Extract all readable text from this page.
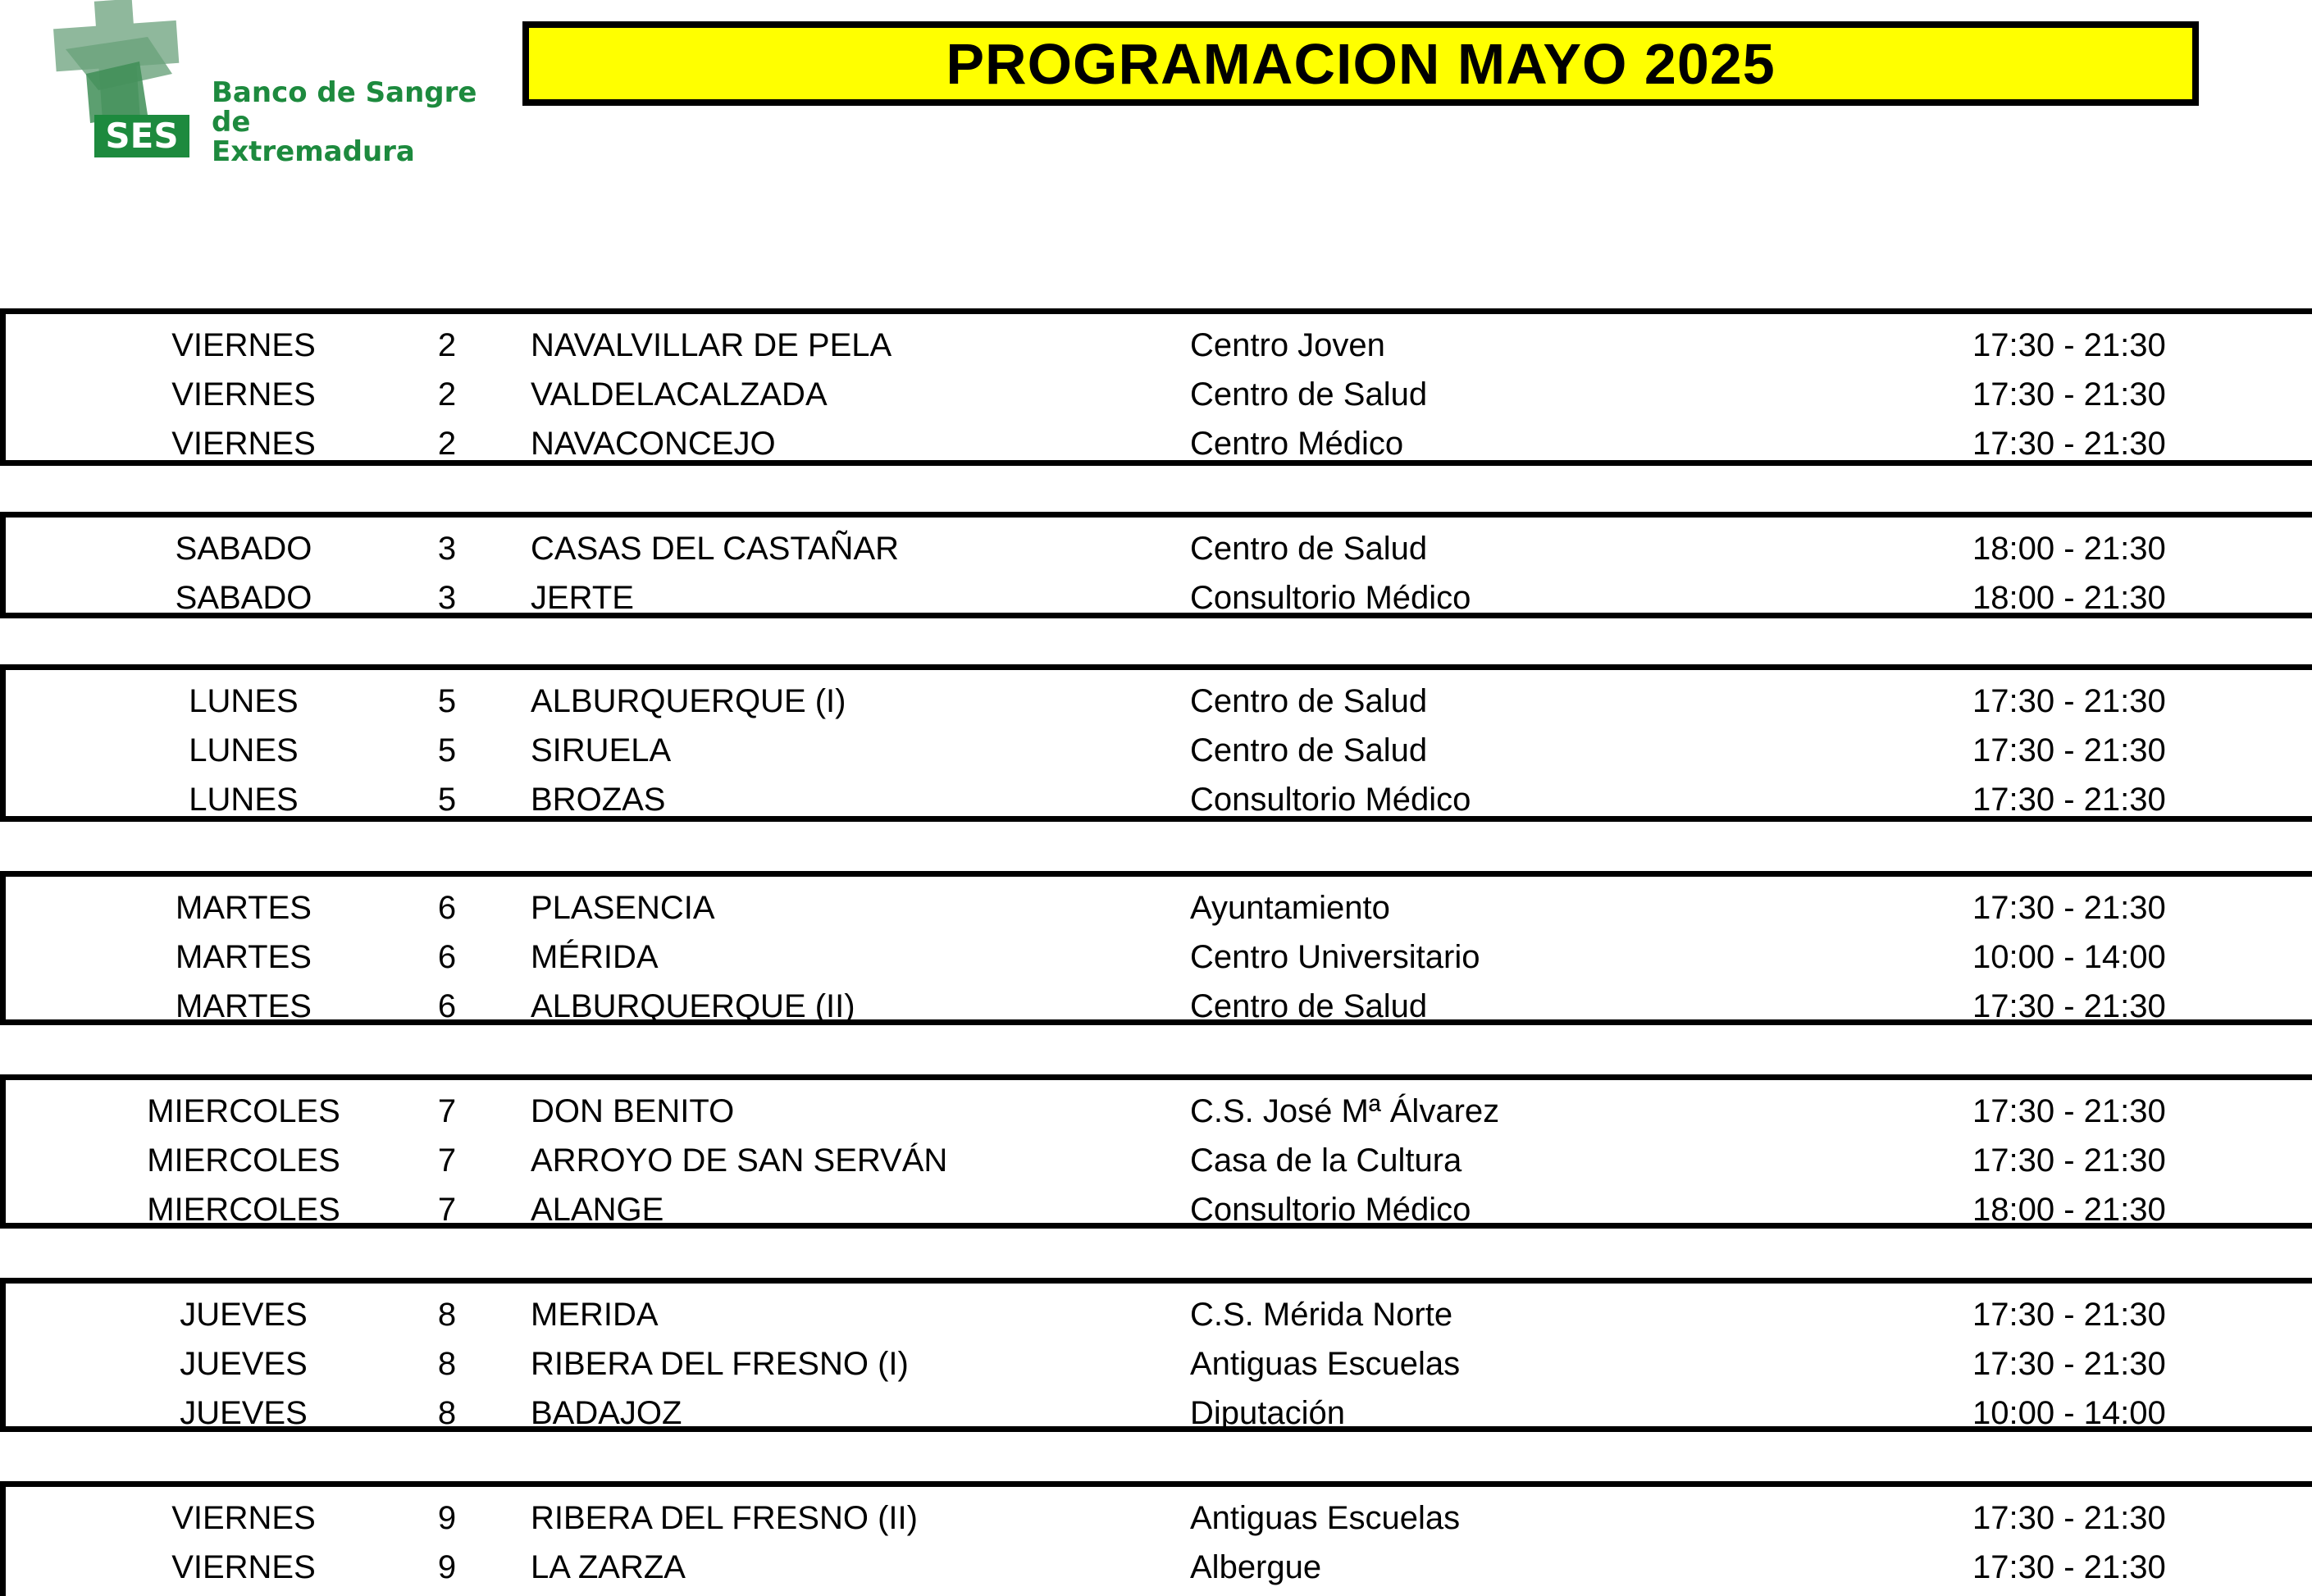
SES
Banco de Sangre
de
Extremadura
PROGRAMACION MAYO 2025
VIERNES	2	NAVALVILLAR DE PELA	Centro Joven	17:30 - 21:30
VIERNES	2	VALDELACALZADA	Centro de Salud	17:30 - 21:30
VIERNES	2	NAVACONCEJO	Centro Médico	17:30 - 21:30
SABADO	3	CASAS DEL CASTAÑAR	Centro de Salud	18:00 - 21:30
SABADO	3	JERTE	Consultorio Médico	18:00 - 21:30
LUNES	5	ALBURQUERQUE (I)	Centro de Salud	17:30 - 21:30
LUNES	5	SIRUELA	Centro de Salud	17:30 - 21:30
LUNES	5	BROZAS	Consultorio Médico	17:30 - 21:30
MARTES	6	PLASENCIA	Ayuntamiento	17:30 - 21:30
MARTES	6	MÉRIDA	Centro Universitario	10:00 - 14:00
MARTES	6	ALBURQUERQUE (II)	Centro de Salud	17:30 - 21:30
MIERCOLES	7	DON BENITO	C.S. José Mª Álvarez	17:30 - 21:30
MIERCOLES	7	ARROYO DE SAN SERVÁN	Casa de la Cultura	17:30 - 21:30
MIERCOLES	7	ALANGE	Consultorio Médico	18:00 - 21:30
JUEVES	8	MERIDA	C.S. Mérida Norte	17:30 - 21:30
JUEVES	8	RIBERA DEL FRESNO (I)	Antiguas Escuelas	17:30 - 21:30
JUEVES	8	BADAJOZ	Diputación	10:00 - 14:00
VIERNES	9	RIBERA DEL FRESNO (II)	Antiguas Escuelas	17:30 - 21:30
VIERNES	9	LA ZARZA	Albergue	17:30 - 21:30
